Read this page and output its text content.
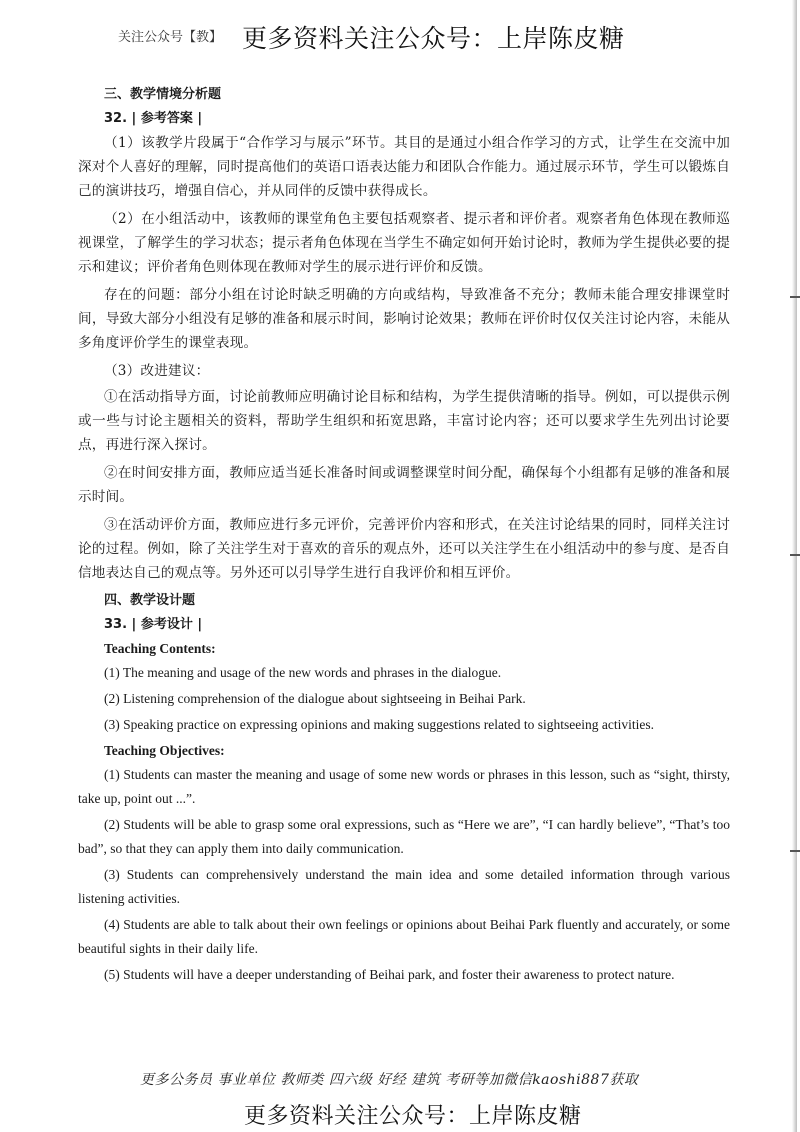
关注公众号【教】 更多资料关注公众号：上岸陈皮糖
三、教学情境分析题
32. | 参考答案 |

（1）该教学片段属于“合作学习与展示”环节。其目的是通过小组合作学习的方式，让学生在交流中加深对个人喜好的理解，同时提高他们的英语口语表达能力和团队合作能力。通过展示环节，学生可以锻炼自己的演讲技巧，增强自信心，并从同伴的反馈中获得成长。

（2）在小组活动中，该教师的课堂角色主要包括观察者、提示者和评价者。观察者角色体现在教师巡视课堂，了解学生的学习状态；提示者角色体现在当学生不确定如何开始讨论时，教师为学生提供必要的提示和建议；评价者角色则体现在教师对学生的展示进行评价和反馈。

存在的问题：部分小组在讨论时缺乏明确的方向或结构，导致准备不充分；教师未能合理安排课堂时间，导致大部分小组没有足够的准备和展示时间，影响讨论效果；教师在评价时仅仅关注讨论内容，未能从多角度评价学生的课堂表现。

（3）改进建议：

①在活动指导方面，讨论前教师应明确讨论目标和结构，为学生提供清晰的指导。例如，可以提供示例或一些与讨论主题相关的资料，帮助学生组织和拓宽思路，丰富讨论内容；还可以要求学生先列出讨论要点，再进行深入探讨。

②在时间安排方面，教师应适当延长准备时间或调整课堂时间分配，确保每个小组都有足够的准备和展示时间。

③在活动评价方面，教师应进行多元评价，完善评价内容和形式，在关注讨论结果的同时，同样关注讨论的过程。例如，除了关注学生对于喜欢的音乐的观点外，还可以关注学生在小组活动中的参与度、是否自信地表达自己的观点等。另外还可以引导学生进行自我评价和相互评价。

四、教学设计题
33. | 参考设计 |
Teaching Contents:

(1) The meaning and usage of the new words and phrases in the dialogue.

(2) Listening comprehension of the dialogue about sightseeing in Beihai Park.

(3) Speaking practice on expressing opinions and making suggestions related to sightseeing activities.

Teaching Objectives:

(1) Students can master the meaning and usage of some new words or phrases in this lesson, such as “sight, thirsty, take up, point out ...”.

(2) Students will be able to grasp some oral expressions, such as “Here we are”, “I can hardly believe”, “That’s too bad”, so that they can apply them into daily communication.

(3) Students can comprehensively understand the main idea and some detailed information through various listening activities.

(4) Students are able to talk about their own feelings or opinions about Beihai Park fluently and accurately, or some beautiful sights in their daily life.

(5) Students will have a deeper understanding of Beihai park, and foster their awareness to protect nature.

更多公务员 事业单位 教师类 四六级 好经 建筑 考研等加微信kaoshi887获取
更多资料关注公众号：上岸陈皮糖
